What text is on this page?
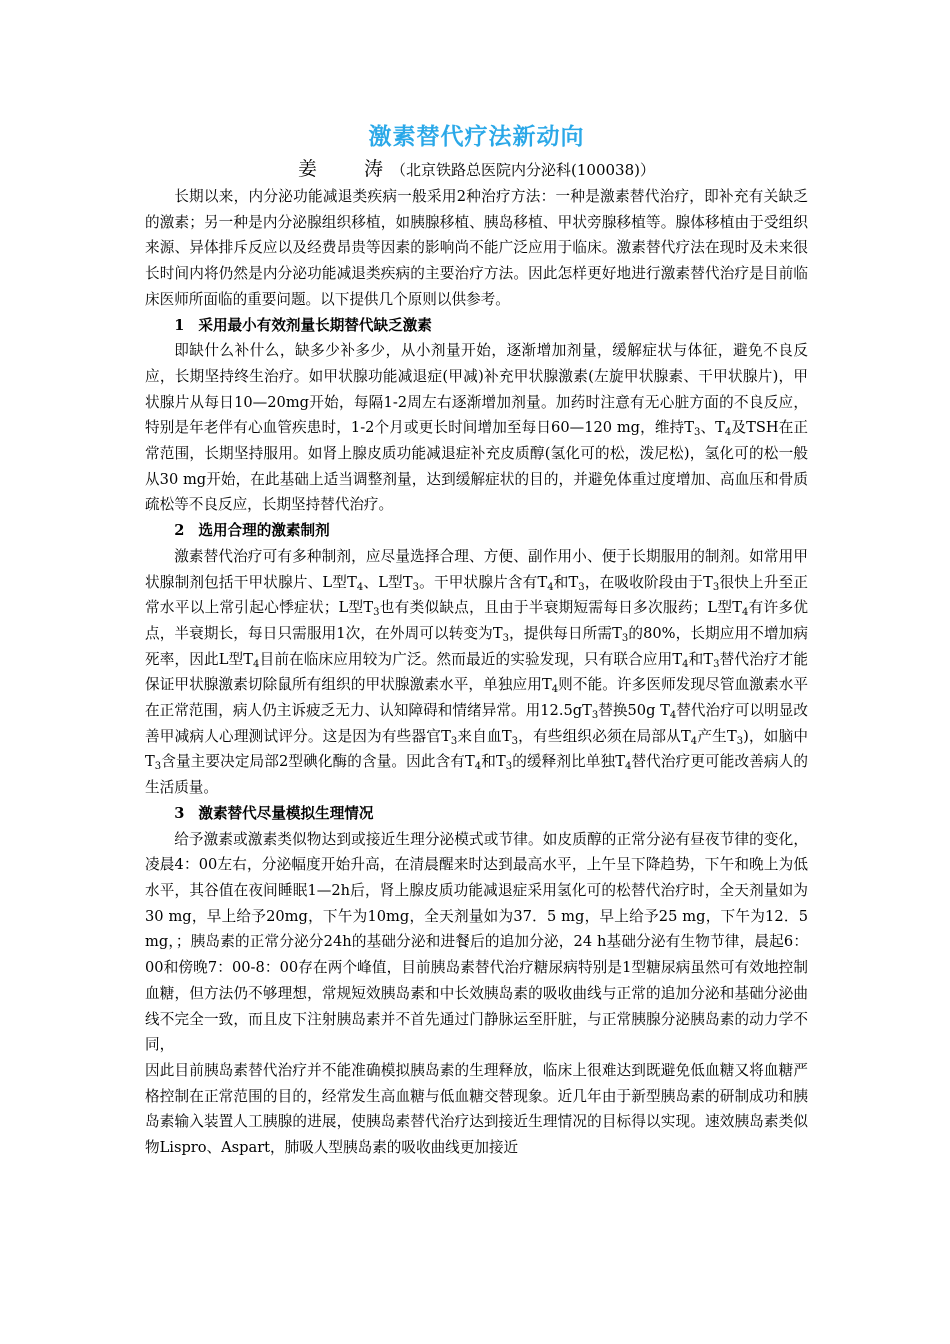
激素替代疗法新动向
姜　涛（北京铁路总医院内分泌科(100038)）

长期以来，内分泌功能减退类疾病一般采用2种治疗方法：一种是激素替代治疗，即补充有关缺乏的激素；另一种是内分泌腺组织移植，如胰腺移植、胰岛移植、甲状旁腺移植等。腺体移植由于受组织来源、异体排斥反应以及经费昂贵等因素的影响尚不能广泛应用于临床。激素替代疗法在现时及未来很长时间内将仍然是内分泌功能减退类疾病的主要治疗方法。因此怎样更好地进行激素替代治疗是目前临床医师所面临的重要问题。以下提供几个原则以供参考。

1 采用最小有效剂量长期替代缺乏激素

即缺什么补什么，缺多少补多少，从小剂量开始，逐渐增加剂量，缓解症状与体征，避免不良反应，长期坚持终生治疗。如甲状腺功能减退症(甲减)补充甲状腺激素(左旋甲状腺素、干甲状腺片)，甲状腺片从每日10—20mg开始，每隔1-2周左右逐渐增加剂量。加药时注意有无心脏方面的不良反应，特别是年老伴有心血管疾患时，1-2个月或更长时间增加至每日60—120 mg，维持$T_3$、$T_4$及TSH在正常范围，长期坚持服用。如肾上腺皮质功能减退症补充皮质醇(氢化可的松，泼尼松)，氢化可的松一般从30 mg开始，在此基础上适当调整剂量，达到缓解症状的目的，并避免体重过度增加、高血压和骨质疏松等不良反应，长期坚持替代治疗。

2 选用合理的激素制剂

激素替代治疗可有多种制剂，应尽量选择合理、方便、副作用小、便于长期服用的制剂。如常用甲状腺制剂包括干甲状腺片、L型$T_4$、L型$T_3$。干甲状腺片含有$T_4$和$T_3$，在吸收阶段由于$T_3$很快上升至正常水平以上常引起心悸症状；L型$T_3$也有类似缺点，且由于半衰期短需每日多次服药；L型$T_4$有许多优点，半衰期长，每日只需服用1次，在外周可以转变为$T_3$，提供每日所需$T_3$的80%，长期应用不增加病死率，因此L型$T_4$目前在临床应用较为广泛。然而最近的实验发现，只有联合应用$T_4$和$T_3$替代治疗才能保证甲状腺激素切除鼠所有组织的甲状腺激素水平，单独应用$T_4$则不能。许多医师发现尽管血激素水平在正常范围，病人仍主诉疲乏无力、认知障碍和情绪异常。用$12.5gT_3$替换50g $T_4$替代治疗可以明显改善甲减病人心理测试评分。这是因为有些器官$T_3$来自血$T_3$，有些组织必须在局部从$T_4$产生$T_3$)，如脑中$T_3$含量主要决定局部2型碘化酶的含量。因此含有$T_4$和$T_3$的缓释剂比单独$T_4$替代治疗更可能改善病人的生活质量。

3 激素替代尽量模拟生理情况

给予激素或激素类似物达到或接近生理分泌模式或节律。如皮质醇的正常分泌有昼夜节律的变化，凌晨4：00左右，分泌幅度开始升高，在清晨醒来时达到最高水平，上午呈下降趋势，下午和晚上为低水平，其谷值在夜间睡眠1—2h后，肾上腺皮质功能减退症采用氢化可的松替代治疗时，全天剂量如为30 mg，早上给予20mg，下午为10mg，全天剂量如为37．5 mg，早上给予25 mg，下午为12．5 mg，；胰岛素的正常分泌分24h的基础分泌和进餐后的追加分泌，24 h基础分泌有生物节律，晨起6：00和傍晚7：00-8：00存在两个峰值，目前胰岛素替代治疗糖尿病特别是1型糖尿病虽然可有效地控制血糖，但方法仍不够理想，常规短效胰岛素和中长效胰岛素的吸收曲线与正常的追加分泌和基础分泌曲线不完全一致，而且皮下注射胰岛素并不首先通过门静脉运至肝脏，与正常胰腺分泌胰岛素的动力学不同，

因此目前胰岛素替代治疗并不能准确模拟胰岛素的生理释放，临床上很难达到既避免低血糖又将血糖严格控制在正常范围的目的，经常发生高血糖与低血糖交替现象。近几年由于新型胰岛素的研制成功和胰岛素输入装置人工胰腺的进展，使胰岛素替代治疗达到接近生理情况的目标得以实现。速效胰岛素类似物Lispro、Aspart，肺吸人型胰岛素的吸收曲线更加接近
